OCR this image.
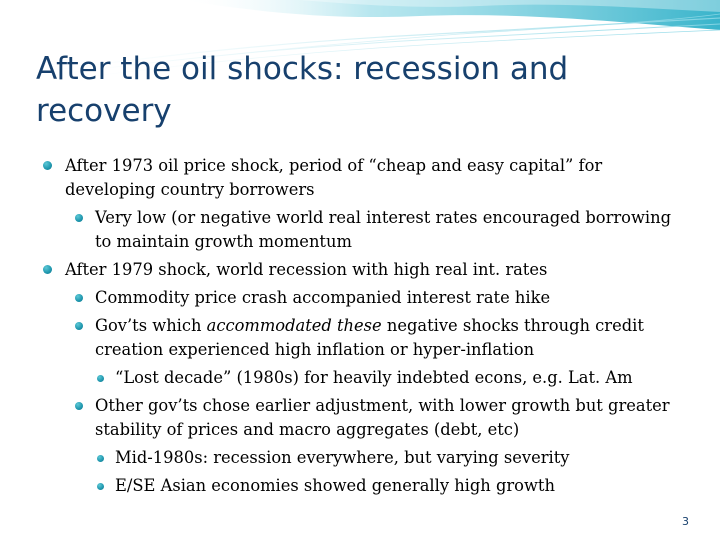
After the oil shocks: recession and recovery
After 1973 oil price shock, period of “cheap and easy capital” for developing country borrowers
Very low (or negative world real interest rates encouraged borrowing to maintain growth momentum
After 1979 shock, world recession with high real int. rates
Commodity price crash accompanied interest rate hike
Gov’ts which accommodated these negative shocks through credit creation experienced high inflation or hyper-inflation
“Lost decade” (1980s) for heavily indebted econs, e.g. Lat. Am
Other gov’ts chose earlier adjustment, with lower growth but greater stability of prices and macro aggregates (debt, etc)
Mid-1980s: recession everywhere, but varying severity
E/SE Asian economies showed generally high growth
3
